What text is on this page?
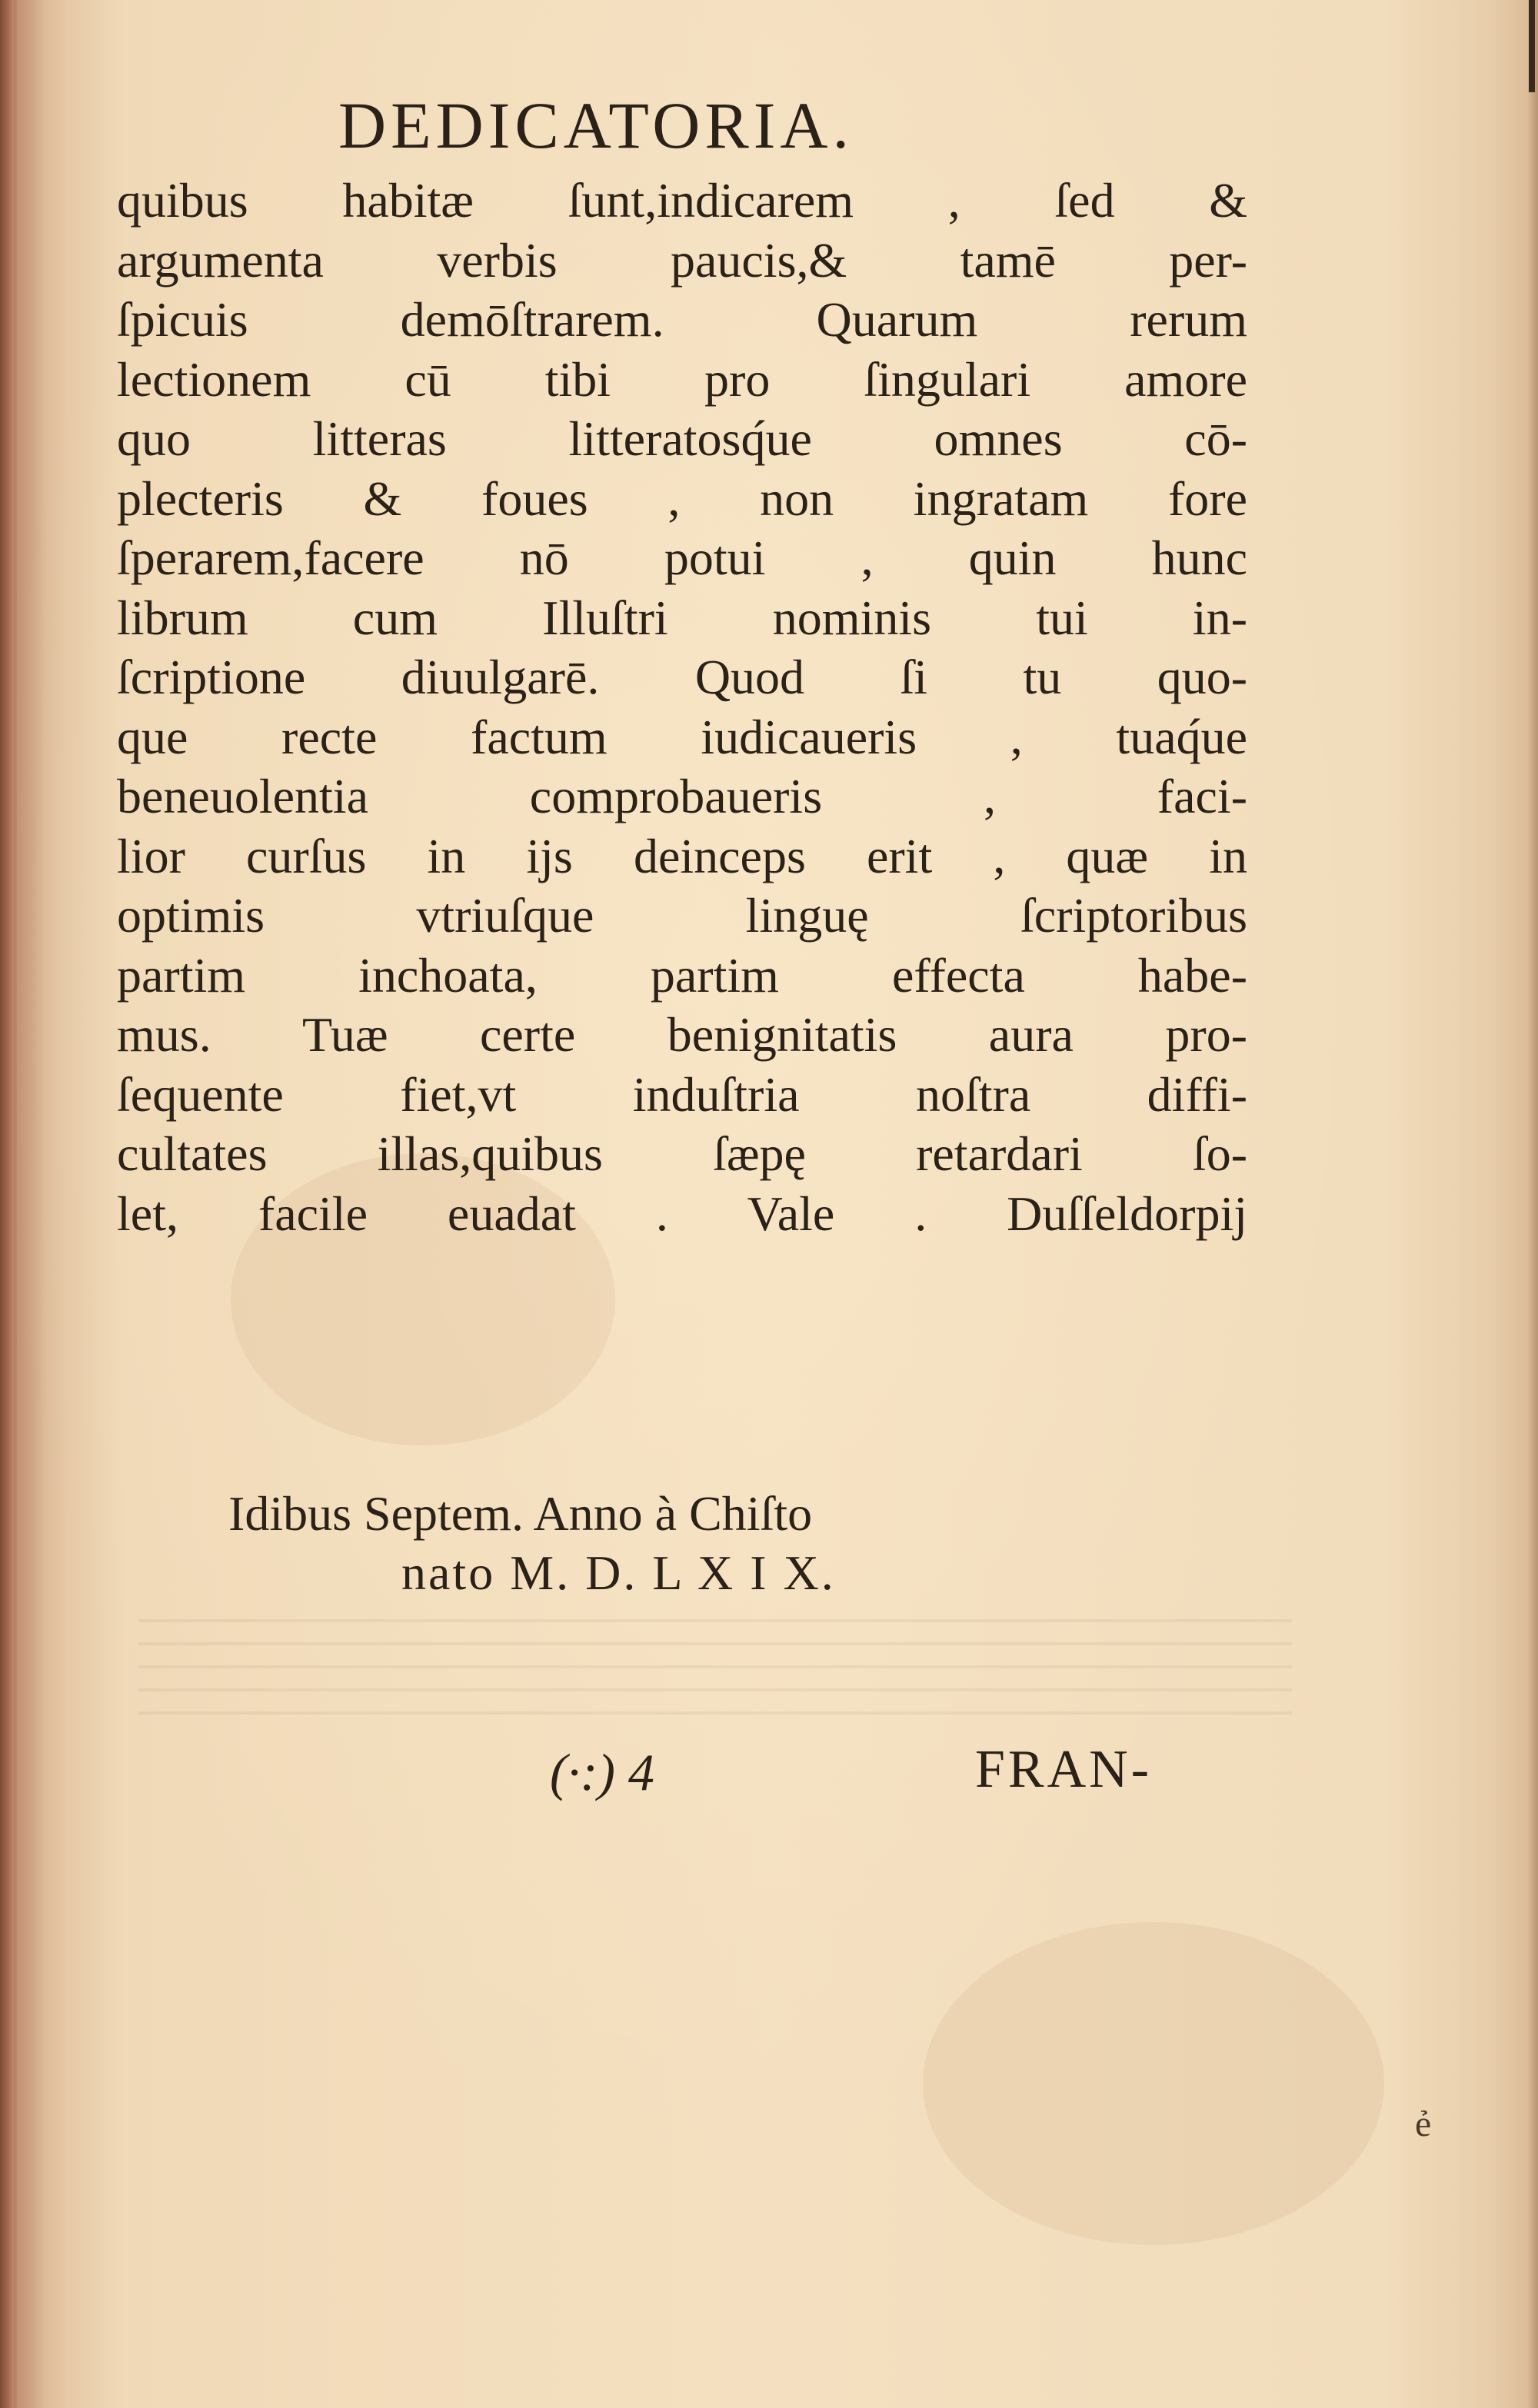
DEDICATORIA.
quibus habitæ ſunt,indicarem , ſed &
argumenta verbis paucis,& tamē per-
ſpicuis demōſtrarem. Quarum rerum
lectionem cū tibi pro ſingulari amore
quo litteras litteratosq́ue omnes cō-
plecteris & foues , non ingratam fore
ſperarem,facere nō potui , quin hunc
librum cum Illuſtri nominis tui in-
ſcriptione diuulgarē. Quod ſi tu quo-
que recte factum iudicaueris , tuaq́ue
beneuolentia comprobaueris , faci-
lior curſus in ijs deinceps erit , quæ in
optimis vtriuſque linguę ſcriptoribus
partim inchoata, partim effecta habe-
mus. Tuæ certe benignitatis aura pro-
ſequente fiet,vt induſtria noſtra diffi-
cultates illas,quibus ſæpę retardari ſo-
let, facile euadat . Vale . Duſſeldorpij
Idibus Septem. Anno à Chiſto
nato M. D. L X I X.
(·:) 4	FRAN-
ẻ
